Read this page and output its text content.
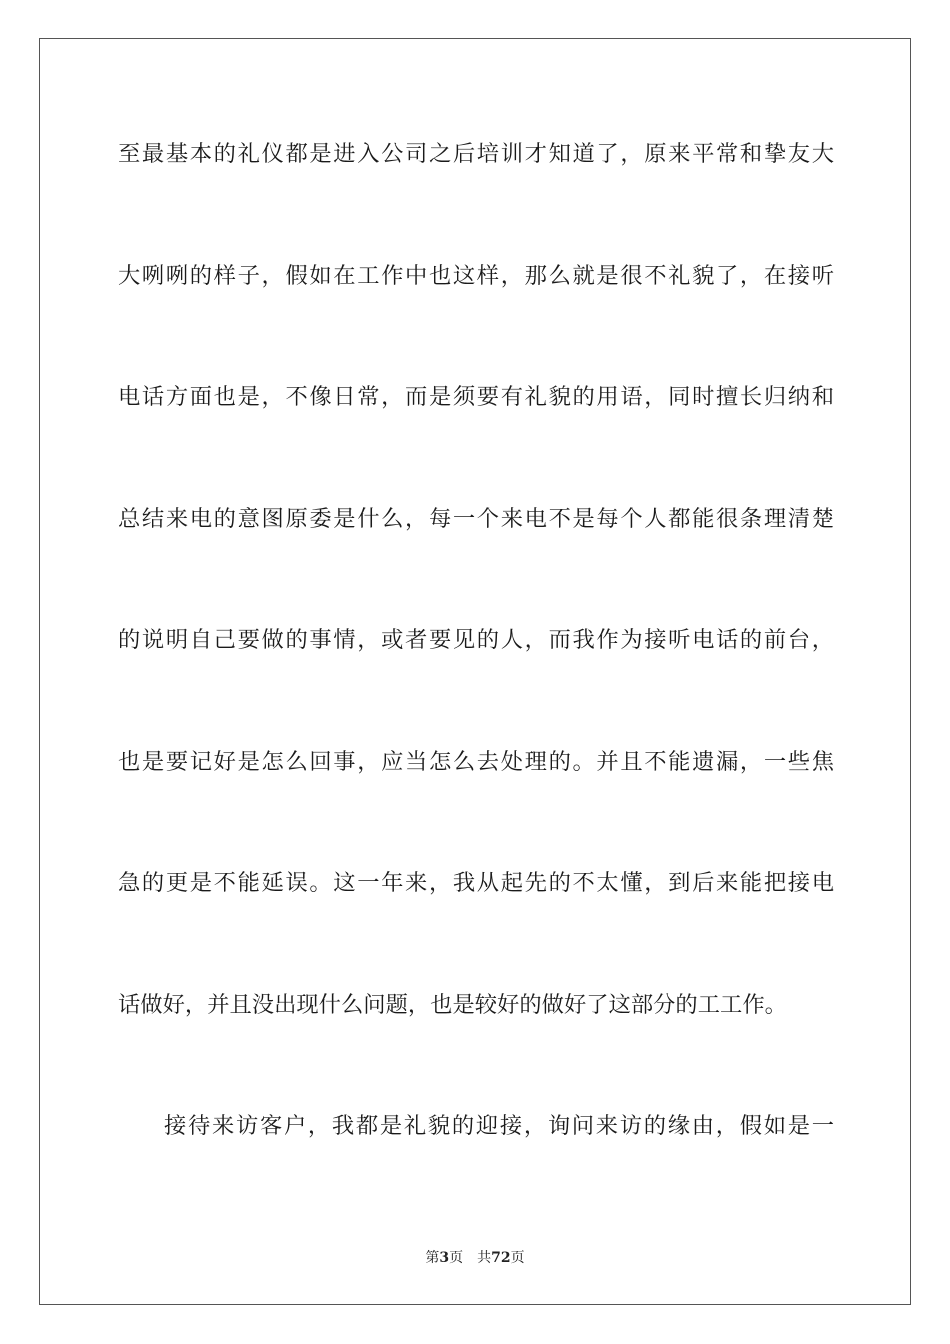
至最基本的礼仪都是进入公司之后培训才知道了，原来平常和挚友大
大咧咧的样子，假如在工作中也这样，那么就是很不礼貌了，在接听
电话方面也是，不像日常，而是须要有礼貌的用语，同时擅长归纳和
总结来电的意图原委是什么，每一个来电不是每个人都能很条理清楚
的说明自己要做的事情，或者要见的人，而我作为接听电话的前台，
也是要记好是怎么回事，应当怎么去处理的。并且不能遗漏，一些焦
急的更是不能延误。这一年来，我从起先的不太懂，到后来能把接电
话做好，并且没出现什么问题，也是较好的做好了这部分的工工作。
接待来访客户，我都是礼貌的迎接，询问来访的缘由，假如是一
第3页 共72页
